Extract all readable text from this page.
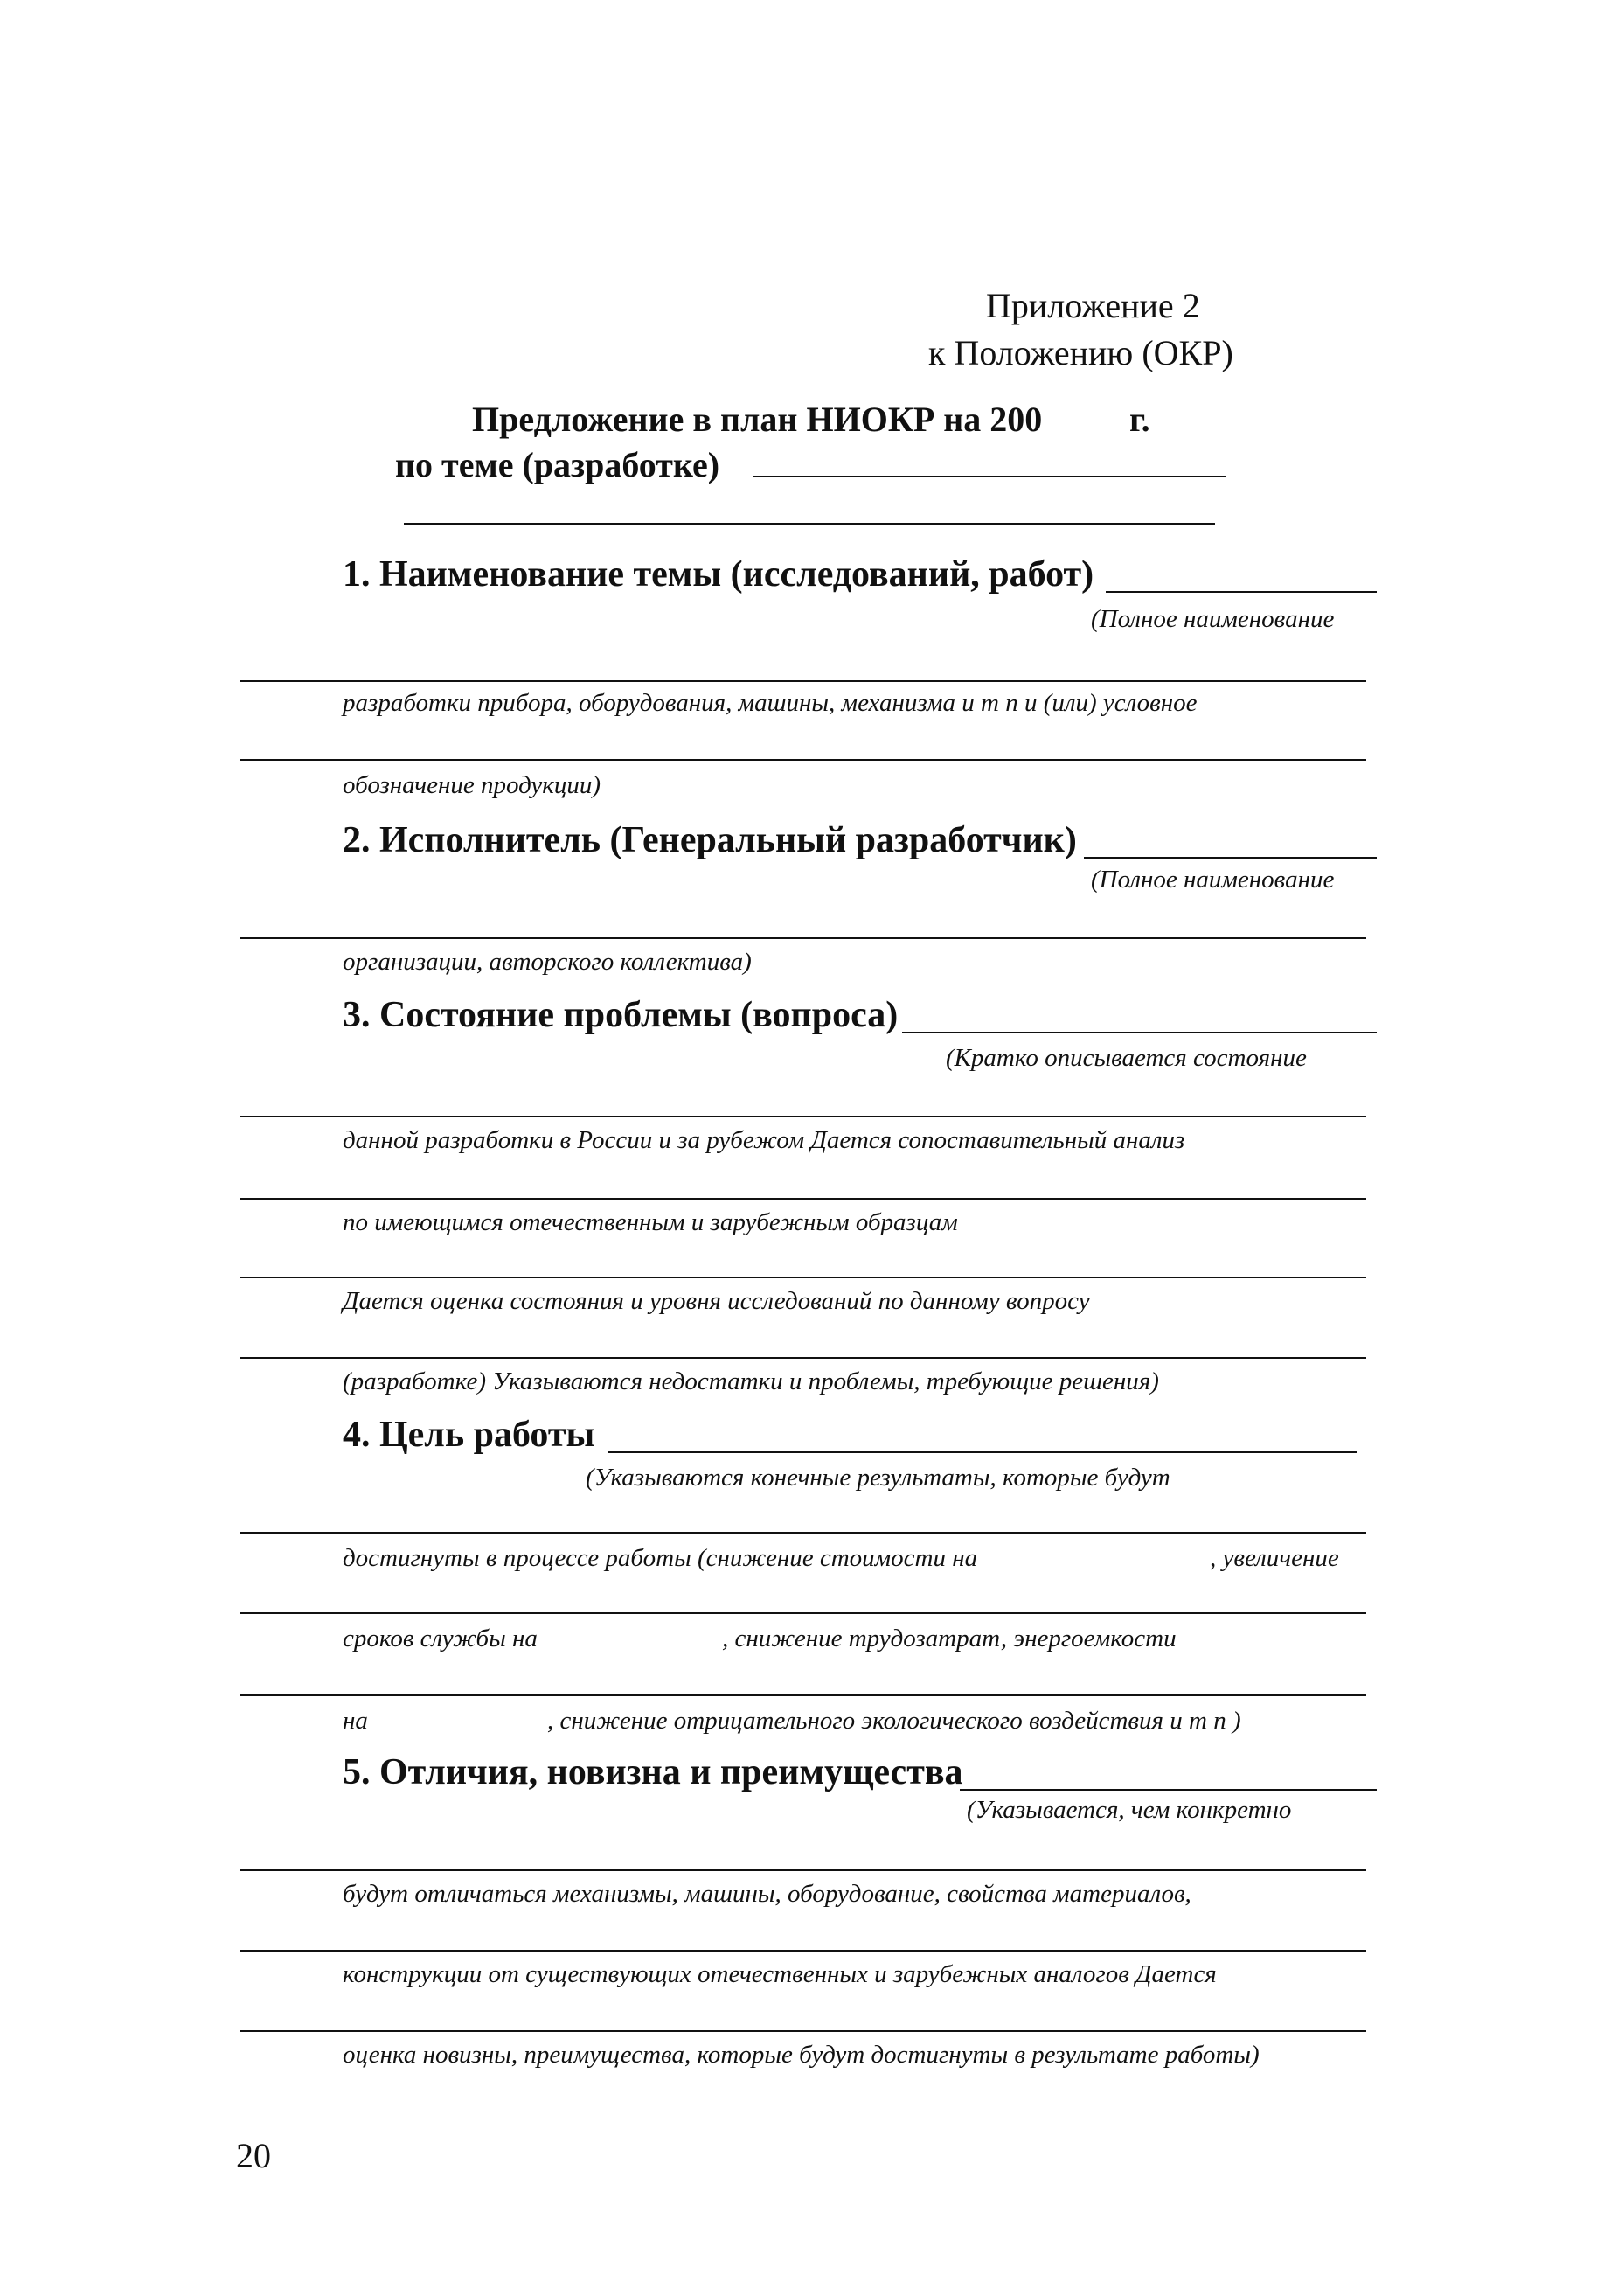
Приложение 2
к Положению (ОКР)
Предложение в план НИОКР на 200 г.
по теме (разработке)
1. Наименование темы (исследований, работ)
(Полное наименование
разработки прибора, оборудования, машины, механизма и т п и (или) условное
обозначение продукции)
2. Исполнитель (Генеральный разработчик)
(Полное наименование
организации, авторского коллектива)
3. Состояние проблемы (вопроса)
(Кратко описывается состояние
данной разработки в России и за рубежом Дается сопоставительный анализ
по имеющимся отечественным и зарубежным образцам
Дается оценка состояния и уровня исследований по данному вопросу
(разработке) Указываются недостатки и проблемы, требующие решения)
4. Цель работы
(Указываются конечные результаты, которые будут
достигнуты в процессе работы (снижение стоимости на	, увеличение
сроков службы на	, снижение трудозатрат, энергоемкости
на	, снижение отрицательного экологического воздействия и т п )
5. Отличия, новизна и преимущества
(Указывается, чем конкретно
будут отличаться механизмы, машины, оборудование, свойства материалов,
конструкции от существующих отечественных и зарубежных аналогов Дается
оценка новизны, преимущества, которые будут достигнуты в результате работы)
20
